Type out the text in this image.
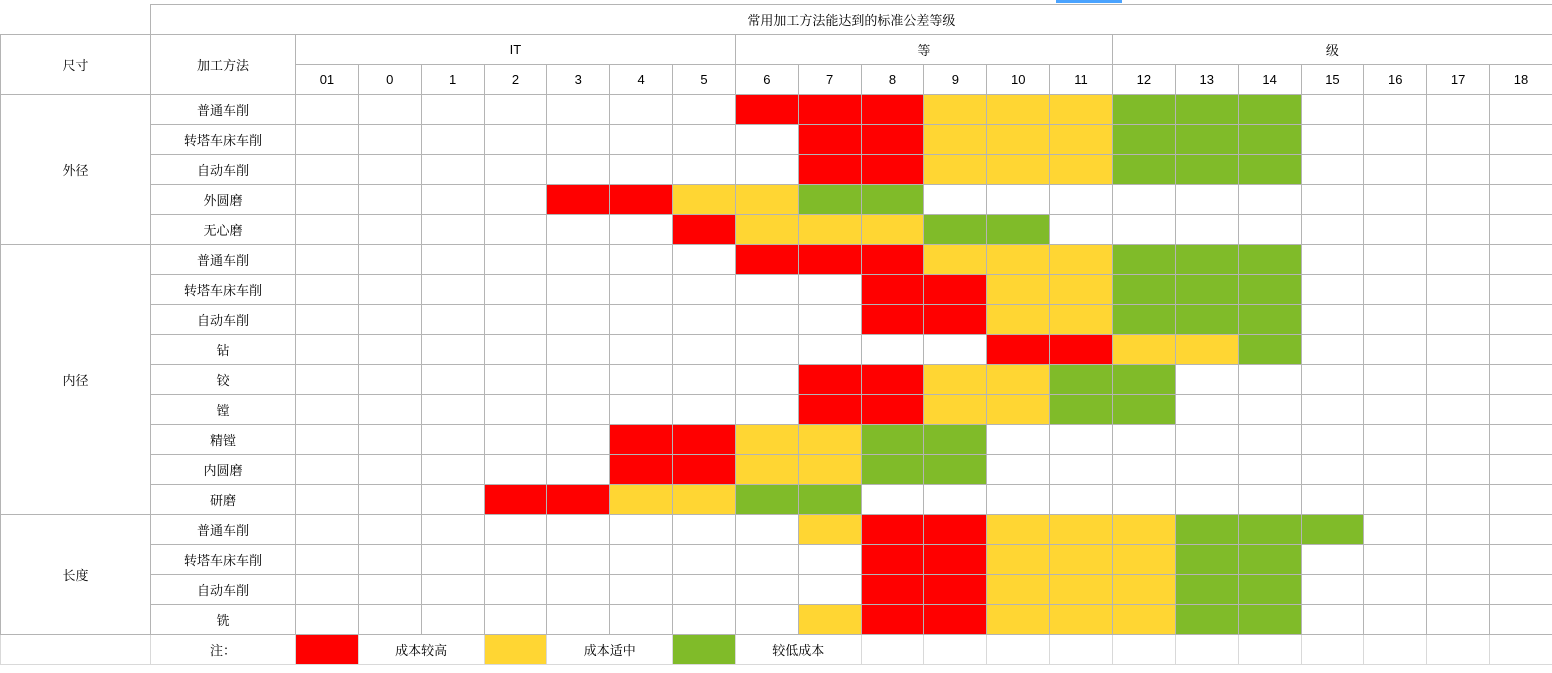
	常用加工方法能达到的标准公差等级																				
尺寸	加工方法	IT							等						级						
		01	0	1	2	3	4	5	6	7	8	9	10	11	12	13	14	15	16	17	18
外径	普通车削																				
	转塔车床车削																				
	自动车削																				
	外圆磨																				
	无心磨																				
内径	普通车削																				
	转塔车床车削																				
	自动车削																				
	钻																				
	铰																				
	镗																				
	精镗																				
	内圆磨																				
	研磨																				
长度	普通车削																				
	转塔车床车削																				
	自动车削																				
	铣																				
	注：		成本较高			成本适中			较低成本												
